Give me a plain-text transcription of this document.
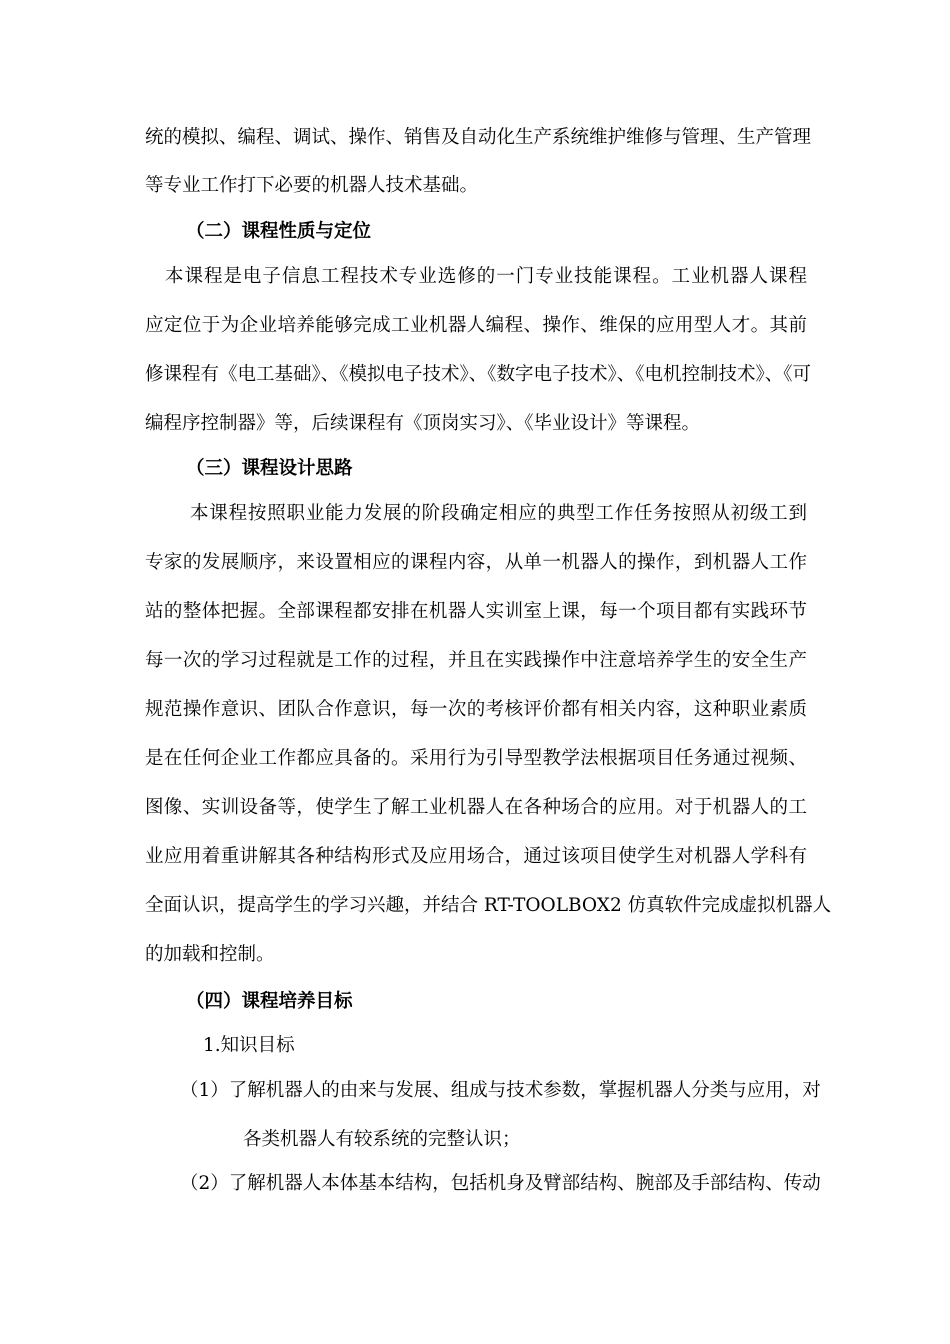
统的模拟、编程、调试、操作、销售及自动化生产系统维护维修与管理、生产管理
等专业工作打下必要的机器人技术基础。
（二）课程性质与定位
本课程是电子信息工程技术专业选修的一门专业技能课程。工业机器人课程
应定位于为企业培养能够完成工业机器人编程、操作、维保的应用型人才。其前
修课程有《电工基础》、《模拟电子技术》、《数字电子技术》、《电机控制技术》、《可
编程序控制器》等，后续课程有《顶岗实习》、《毕业设计》等课程。
（三）课程设计思路
本课程按照职业能力发展的阶段确定相应的典型工作任务按照从初级工到
专家的发展顺序，来设置相应的课程内容，从单一机器人的操作，到机器人工作
站的整体把握。全部课程都安排在机器人实训室上课，每一个项目都有实践环节
每一次的学习过程就是工作的过程，并且在实践操作中注意培养学生的安全生产
规范操作意识、团队合作意识，每一次的考核评价都有相关内容，这种职业素质
是在任何企业工作都应具备的。采用行为引导型教学法根据项目任务通过视频、
图像、实训设备等，使学生了解工业机器人在各种场合的应用。对于机器人的工
业应用着重讲解其各种结构形式及应用场合，通过该项目使学生对机器人学科有
全面认识，提高学生的学习兴趣，并结合 RT-TOOLBOX2 仿真软件完成虚拟机器人
的加载和控制。
（四）课程培养目标
1.知识目标
（1）了解机器人的由来与发展、组成与技术参数，掌握机器人分类与应用，对
各类机器人有较系统的完整认识；
（2）了解机器人本体基本结构，包括机身及臂部结构、腕部及手部结构、传动
